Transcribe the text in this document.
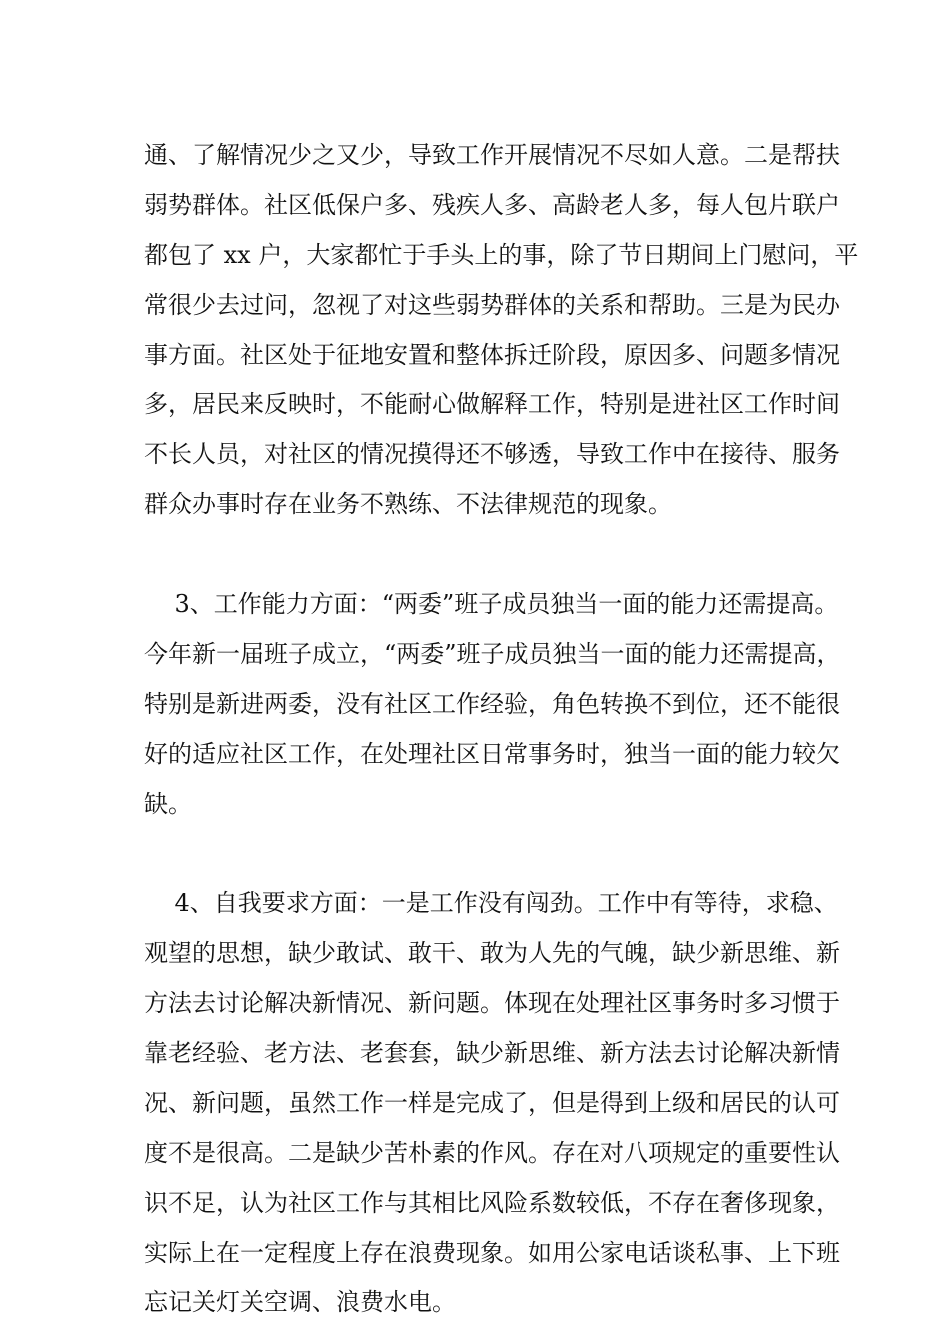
通、了解情况少之又少，导致工作开展情况不尽如人意。二是帮扶
弱势群体。社区低保户多、残疾人多、高龄老人多，每人包片联户
都包了 xx 户，大家都忙于手头上的事，除了节日期间上门慰问，平
常很少去过问，忽视了对这些弱势群体的关系和帮助。三是为民办
事方面。社区处于征地安置和整体拆迁阶段，原因多、问题多情况
多，居民来反映时，不能耐心做解释工作，特别是进社区工作时间
不长人员，对社区的情况摸得还不够透，导致工作中在接待、服务
群众办事时存在业务不熟练、不法律规范的现象。
3、工作能力方面：“两委”班子成员独当一面的能力还需提高。
今年新一届班子成立，“两委”班子成员独当一面的能力还需提高，
特别是新进两委，没有社区工作经验，角色转换不到位，还不能很
好的适应社区工作，在处理社区日常事务时，独当一面的能力较欠
缺。
4、自我要求方面：一是工作没有闯劲。工作中有等待，求稳、
观望的思想，缺少敢试、敢干、敢为人先的气魄，缺少新思维、新
方法去讨论解决新情况、新问题。体现在处理社区事务时多习惯于
靠老经验、老方法、老套套，缺少新思维、新方法去讨论解决新情
况、新问题，虽然工作一样是完成了，但是得到上级和居民的认可
度不是很高。二是缺少苦朴素的作风。存在对八项规定的重要性认
识不足，认为社区工作与其相比风险系数较低，不存在奢侈现象，
实际上在一定程度上存在浪费现象。如用公家电话谈私事、上下班
忘记关灯关空调、浪费水电。
